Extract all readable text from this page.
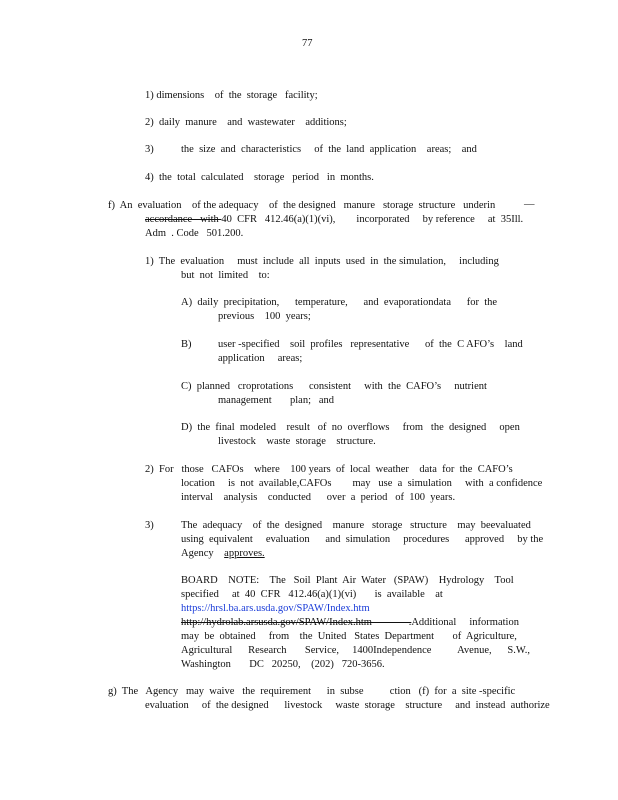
77
1) dimensions    of  the  storage   facility;
2)  daily  manure    and  wastewater    additions;
3)	the  size  and  characteristics     of  the  land  application    areas;    and
4)  the  total  calculated    storage   period   in  months.
f)  An  evaluation    of the adequacy    of  the designed   manure   storage  structure   underin	—
accordance   with 40  CFR   412.46(a)(1)(vi),        incorporated     by reference     at  35Ill.
Adm  . Code   501.200.
1)  The  evaluation     must  include  all  inputs  used  in  the simulation,     including
but  not  limited    to:
A)  daily  precipitation,      temperature,      and  evaporationdata      for  the
previous    100  years;
B)	user -specified    soil  profiles   representative      of  the  C AFO’s    land
application     areas;
C)  planned   croprotations      consistent     with  the  CAFO’s     nutrient
management       plan;   and
D)  the  final  modeled    result   of  no  overflows     from   the  designed     open
livestock    waste  storage    structure.
2)  For   those   CAFOs    where    100 years  of  local  weather    data  for  the  CAFO’s
location     is  not  available,CAFOs        may   use  a  simulation     with  a confidence
interval    analysis    conducted      over  a  period   of  100  years.
3)	The  adequacy    of  the  designed    manure   storage   structure    may  beevaluated
using  equivalent     evaluation      and  simulation     procedures      approved     by the
Agency    approves.
BOARD    NOTE:    The   Soil  Plant  Air  Water   (SPAW)    Hydrology    Tool
specified     at  40  CFR   412.46(a)(1)(vi)       is  available    at
https://hrsl.ba.ars.usda.gov/SPAW/Index.htm
http://hydrolab.arsusda.gov/SPAW/Index.htm              .Additional     information
may  be  obtained     from    the  United   States  Department       of  Agriculture,
Agricultural      Research       Service,     1400Independence          Avenue,      S.W.,
Washington       DC   20250,    (202)   720-3656.
g)  The   Agency   may  waive   the  requirement      in  subse          ction   (f)  for  a  site -specific
evaluation     of  the designed      livestock     waste  storage    structure     and  instead  authorize
